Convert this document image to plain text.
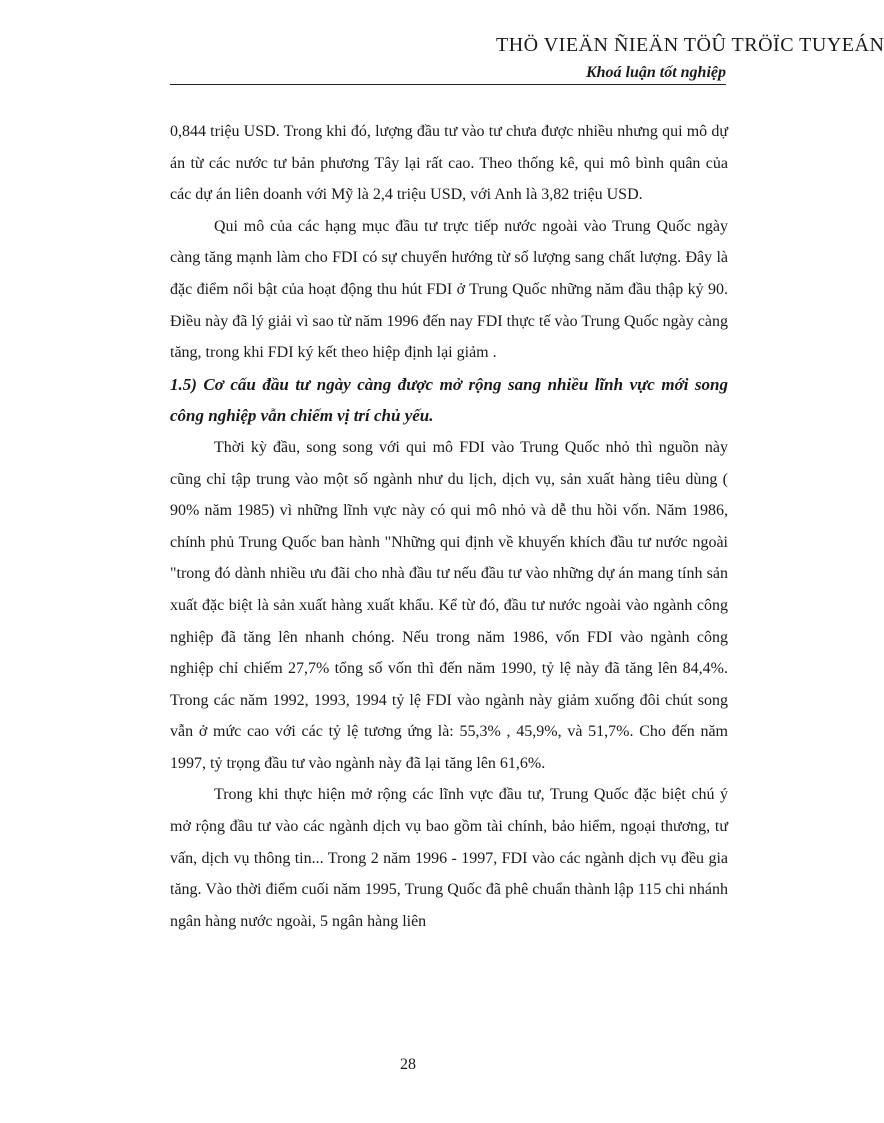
THÖ VIEÄN ÑIEÄN TÖÛ TRÖÏC TUYEÁN
Khoá luận tốt nghiệp

0,844 triệu USD. Trong khi đó, lượng đầu tư vào tư chưa được nhiều nhưng qui mô dự án từ các nước tư bản phương Tây lại rất cao. Theo thống kê, qui mô bình quân của các dự án liên doanh với Mỹ là 2,4 triệu USD, với Anh là 3,82 triệu USD.

Qui mô của các hạng mục đầu tư trực tiếp nước ngoài vào Trung Quốc ngày càng tăng mạnh làm cho FDI có sự chuyển hướng từ số lượng sang chất lượng. Đây là đặc điểm nổi bật của hoạt động thu hút FDI ở Trung Quốc những năm đầu thập kỷ 90. Điều này đã lý giải vì sao từ năm 1996 đến nay FDI thực tế vào Trung Quốc ngày càng tăng, trong khi FDI ký kết theo hiệp định lại giảm .

1.5) Cơ cấu đầu tư ngày càng được mở rộng sang nhiều lĩnh vực mới song công nghiệp vẫn chiếm vị trí chủ yếu.

Thời kỳ đầu, song song với qui mô FDI vào Trung Quốc nhỏ thì nguồn này cũng chỉ tập trung vào một số ngành như du lịch, dịch vụ, sản xuất hàng tiêu dùng ( 90% năm 1985) vì những lĩnh vực này có qui mô nhỏ và dễ thu hồi vốn. Năm 1986, chính phủ Trung Quốc ban hành "Những qui định về khuyến khích đầu tư nước ngoài "trong đó dành nhiều ưu đãi cho nhà đầu tư nếu đầu tư vào những dự án mang tính sản xuất đặc biệt là sản xuất hàng xuất khẩu. Kể từ đó, đầu tư nước ngoài vào ngành công nghiệp đã tăng lên nhanh chóng. Nếu trong năm 1986, vốn FDI vào ngành công nghiệp chỉ chiếm 27,7% tổng số vốn thì đến năm 1990, tỷ lệ này đã tăng lên 84,4%. Trong các năm 1992, 1993, 1994 tỷ lệ FDI vào ngành này giảm xuống đôi chút song vẫn ở mức cao với các tỷ lệ tương ứng là: 55,3% , 45,9%, và 51,7%. Cho đến năm 1997, tỷ trọng đầu tư vào ngành này đã lại tăng lên 61,6%.

Trong khi thực hiện mở rộng các lĩnh vực đầu tư, Trung Quốc đặc biệt chú ý mở rộng đầu tư vào các ngành dịch vụ bao gồm tài chính, bảo hiểm, ngoại thương, tư vấn, dịch vụ thông tin... Trong 2 năm 1996 - 1997, FDI vào các ngành dịch vụ đều gia tăng. Vào thời điểm cuối năm 1995, Trung Quốc đã phê chuẩn thành lập 115 chi nhánh ngân hàng nước ngoài, 5 ngân hàng liên

28
